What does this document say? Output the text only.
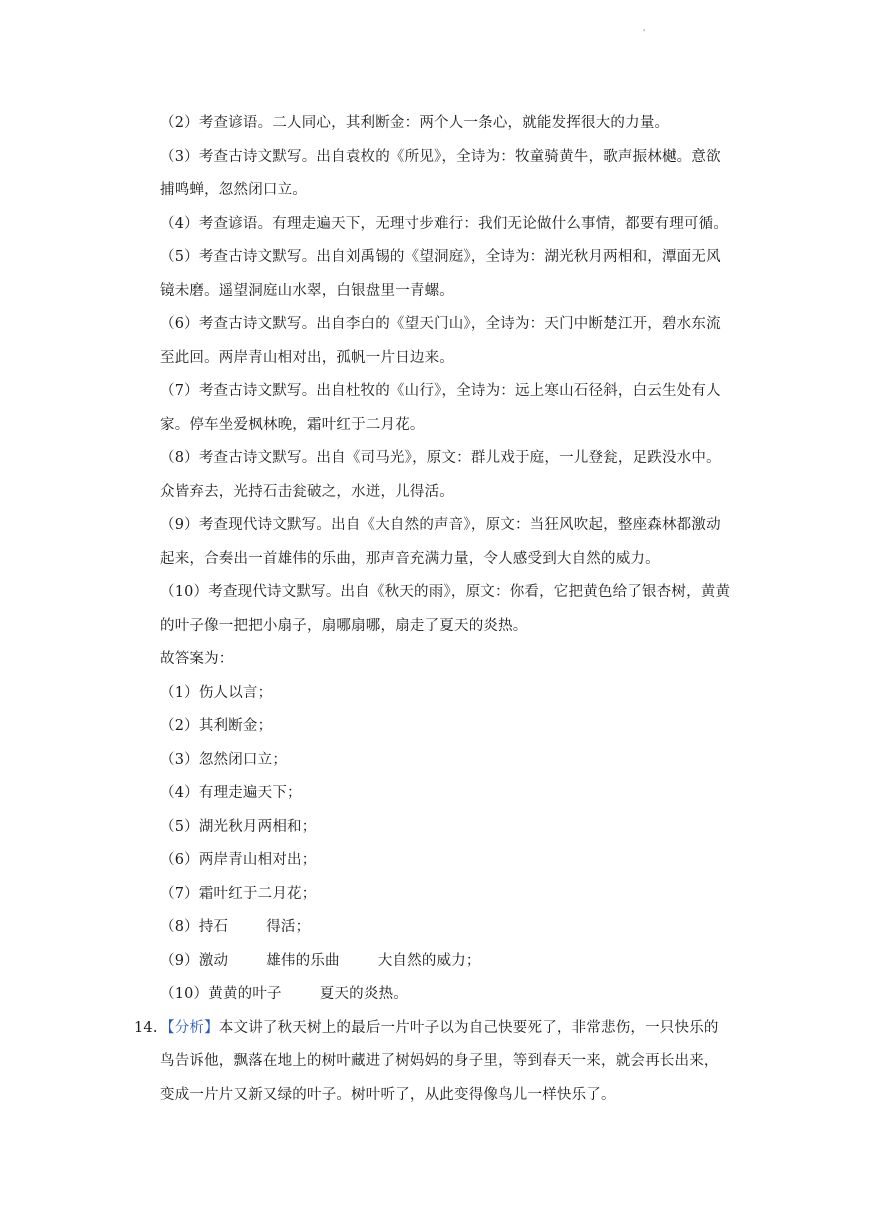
'
（2）考查谚语。二人同心，其利断金：两个人一条心，就能发挥很大的力量。
（3）考查古诗文默写。出自袁枚的《所见》，全诗为：牧童骑黄牛，歌声振林樾。意欲
捕鸣蝉，忽然闭口立。
（4）考查谚语。有理走遍天下，无理寸步难行：我们无论做什么事情，都要有理可循。
（5）考查古诗文默写。出自刘禹锡的《望洞庭》，全诗为：湖光秋月两相和，潭面无风
镜未磨。遥望洞庭山水翠，白银盘里一青螺。
（6）考查古诗文默写。出自李白的《望天门山》，全诗为：天门中断楚江开，碧水东流
至此回。两岸青山相对出，孤帆一片日边来。
（7）考查古诗文默写。出自杜牧的《山行》，全诗为：远上寒山石径斜，白云生处有人
家。停车坐爱枫林晚，霜叶红于二月花。
（8）考查古诗文默写。出自《司马光》，原文：群儿戏于庭，一儿登瓮，足跌没水中。
众皆弃去，光持石击瓮破之，水迸，儿得活。
（9）考查现代诗文默写。出自《大自然的声音》，原文：当狂风吹起，整座森林都激动
起来，合奏出一首雄伟的乐曲，那声音充满力量，令人感受到大自然的威力。
（10）考查现代诗文默写。出自《秋天的雨》，原文：你看，它把黄色给了银杏树，黄黄
的叶子像一把把小扇子，扇哪扇哪，扇走了夏天的炎热。
故答案为：
（1）伤人以言；
（2）其利断金；
（3）忽然闭口立；
（4）有理走遍天下；
（5）湖光秋月两相和；
（6）两岸青山相对出；
（7）霜叶红于二月花；
（8）持石	得活；
（9）激动	雄伟的乐曲	大自然的威力；
（10）黄黄的叶子	夏天的炎热。
14. 【分析】本文讲了秋天树上的最后一片叶子以为自己快要死了，非常悲伤，一只快乐的
鸟告诉他，飘落在地上的树叶藏进了树妈妈的身子里，等到春天一来，就会再长出来，
变成一片片又新又绿的叶子。树叶听了，从此变得像鸟儿一样快乐了。
